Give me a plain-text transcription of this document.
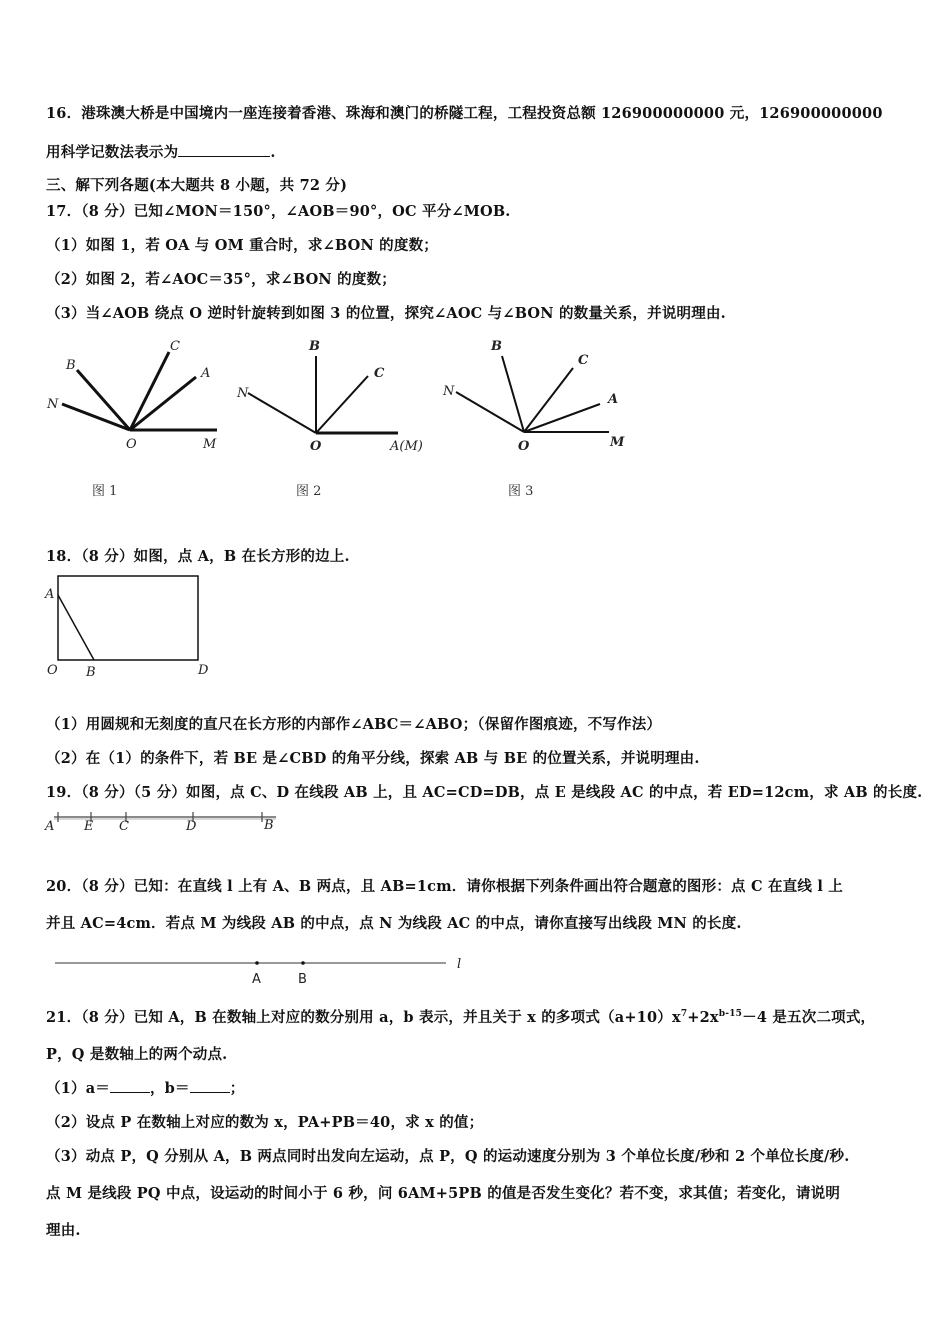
16．港珠澳大桥是中国境内一座连接着香港、珠海和澳门的桥隧工程，工程投资总额 126900000000 元，126900000000
用科学记数法表示为	.
三、解下列各题(本大题共 8 小题，共 72 分)
17．（8 分）已知∠MON＝150°，∠AOB＝90°，OC 平分∠MOB.
（1）如图 1，若 OA 与 OM 重合时，求∠BON 的度数；
（2）如图 2，若∠AOC＝35°，求∠BON 的度数；
（3）当∠AOB 绕点 O 逆时针旋转到如图 3 的位置，探究∠AOC 与∠BON 的数量关系，并说明理由.
B
C
A
N
O	M
图 1
B
C
N
O	A(M)
图 2
B
C
A
N
O	M
图 3
A
O B	D
A E C	D	B
A	B
l
18．（8 分）如图，点 A，B 在长方形的边上.
（1）用圆规和无刻度的直尺在长方形的内部作∠ABC＝∠ABO；（保留作图痕迹，不写作法）
（2）在（1）的条件下，若 BE 是∠CBD 的角平分线，探索 AB 与 BE 的位置关系，并说明理由.
19．（8 分）（5 分）如图，点 C、D 在线段 AB 上，且 AC=CD=DB，点 E 是线段 AC 的中点，若 ED=12cm，求 AB 的长度.
20．（8 分）已知：在直线 l 上有 A、B 两点，且 AB=1cm．请你根据下列条件画出符合题意的图形：点 C 在直线 l 上
并且 AC=4cm．若点 M 为线段 AB 的中点，点 N 为线段 AC 的中点，请你直接写出线段 MN 的长度.
21．（8 分）已知 A，B 在数轴上对应的数分别用 a，b 表示，并且关于 x 的多项式$(a+10)x^7+2x^{b-15}-4$ 是五次二项式，
P，Q 是数轴上的两个动点.
（1）a＝	，b＝	；
（2）设点 P 在数轴上对应的数为 x，PA+PB＝40，求 x 的值；
（3）动点 P，Q 分别从 A，B 两点同时出发向左运动，点 P，Q 的运动速度分别为 3 个单位长度/秒和 2 个单位长度/秒.
点 M 是线段 PQ 中点，设运动的时间小于 6 秒，问 6AM+5PB 的值是否发生变化？若不变，求其值；若变化，请说明
理由.
